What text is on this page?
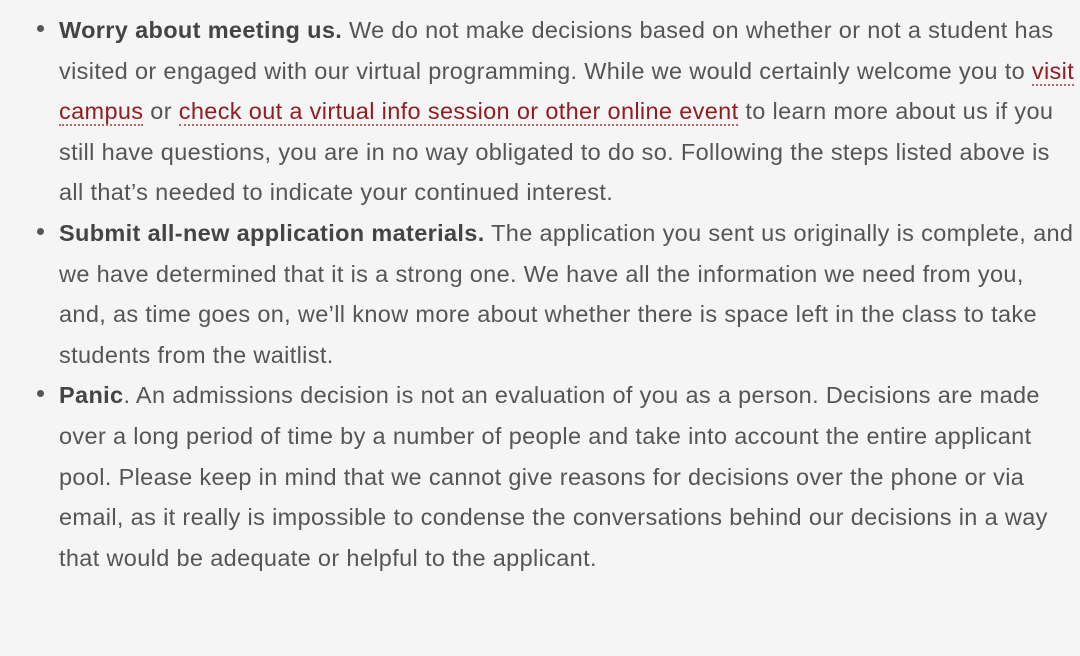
Worry about meeting us. We do not make decisions based on whether or not a student has visited or engaged with our virtual programming. While we would certainly welcome you to visit campus or check out a virtual info session or other online event to learn more about us if you still have questions, you are in no way obligated to do so. Following the steps listed above is all that’s needed to indicate your continued interest.
Submit all-new application materials. The application you sent us originally is complete, and we have determined that it is a strong one. We have all the information we need from you, and, as time goes on, we’ll know more about whether there is space left in the class to take students from the waitlist.
Panic. An admissions decision is not an evaluation of you as a person. Decisions are made over a long period of time by a number of people and take into account the entire applicant pool. Please keep in mind that we cannot give reasons for decisions over the phone or via email, as it really is impossible to condense the conversations behind our decisions in a way that would be adequate or helpful to the applicant.
